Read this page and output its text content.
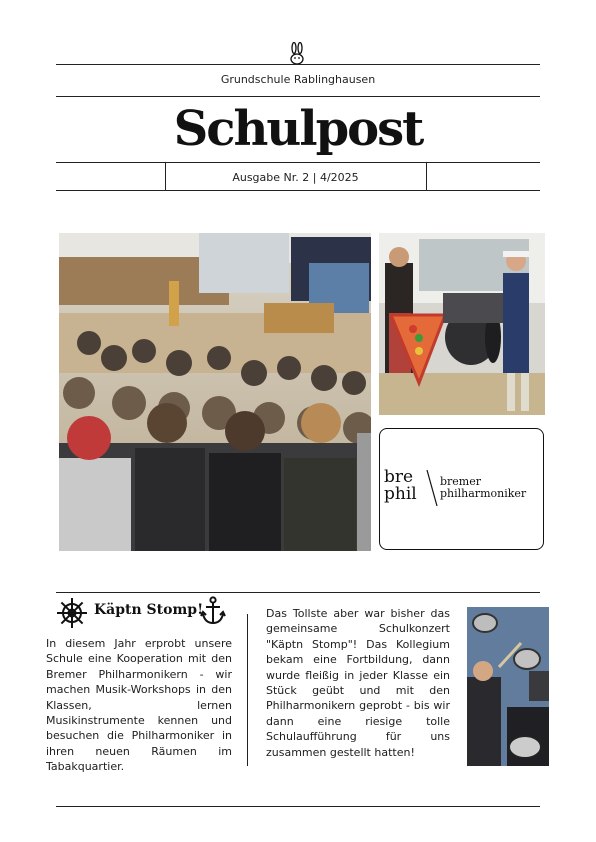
Grundschule Rablinghausen
Schulpost
Ausgabe Nr. 2 | 4/2025
bre
phil
bremer
philharmoniker
Käptn Stomp!
In diesem Jahr erprobt unsere Schule eine Kooperation mit den Bremer Philharmonikern - wir machen Musik-Workshops in den Klassen, lernen Musikinstrumente kennen und besuchen die Philharmoniker in ihren neuen Räumen im Tabakquartier.
Das Tollste aber war bisher das gemeinsame Schulkonzert "Käptn Stomp"! Das Kollegium bekam eine Fortbildung, dann wurde fleißig in jeder Klasse ein Stück geübt und mit den Philharmonikern geprobt - bis wir dann eine riesige tolle Schulaufführung für uns zusammen gestellt hatten!
